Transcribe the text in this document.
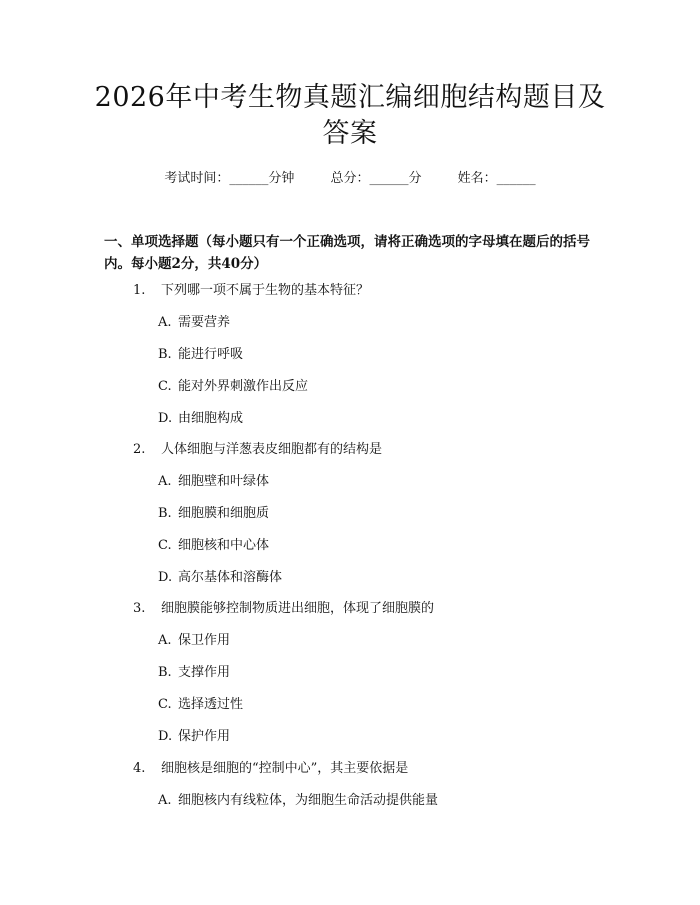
2026年中考生物真题汇编细胞结构题目及答案
考试时间：______分钟	总分：______分	姓名：______
一、单项选择题（每小题只有一个正确选项，请将正确选项的字母填在题后的括号内。每小题2分，共40分）
1. 下列哪一项不属于生物的基本特征？
A. 需要营养
B. 能进行呼吸
C. 能对外界刺激作出反应
D. 由细胞构成
2. 人体细胞与洋葱表皮细胞都有的结构是
A. 细胞壁和叶绿体
B. 细胞膜和细胞质
C. 细胞核和中心体
D. 高尔基体和溶酶体
3. 细胞膜能够控制物质进出细胞，体现了细胞膜的
A. 保卫作用
B. 支撑作用
C. 选择透过性
D. 保护作用
4. 细胞核是细胞的“控制中心”，其主要依据是
A. 细胞核内有线粒体，为细胞生命活动提供能量
